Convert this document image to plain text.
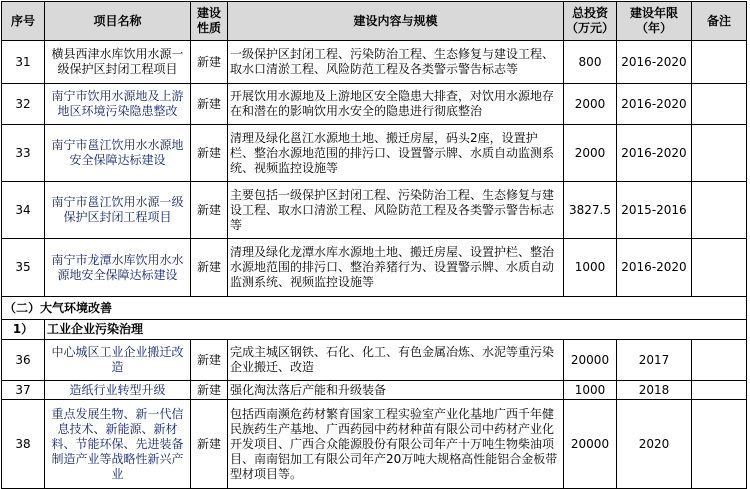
序号	项目名称	建设性质	建设内容与规模	总投资（万元）	建设年限（年）	备注
31	横县西津水库饮用水源一级保护区封闭工程项目	新建	一级保护区封闭工程、污染防治工程、生态修复与建设工程、取水口清淤工程、风险防范工程及各类警示警告标志等	800	2016-2020	
32	南宁市饮用水源地及上游地区环境污染隐患整改	新建	开展饮用水源地及上游地区安全隐患大排查，对饮用水源地存在和潜在的影响饮用水安全的隐患进行彻底整治	2000	2016-2020	
33	南宁市邕江饮用水水源地安全保障达标建设	新建	清理及绿化邕江水源地土地、搬迁房屋，码头2座，设置护栏、整治水源地范围的排污口、设置警示牌、水质自动监测系统、视频监控设施等	2000	2016-2020	
34	南宁市邕江饮用水源一级保护区封闭工程项目	新建	主要包括一级保护区封闭工程、污染防治工程、生态修复与建设工程、取水口清淤工程、风险防范工程及各类警示警告标志等	3827.5	2015-2016	
35	南宁市龙潭水库饮用水水源地安全保障达标建设	新建	清理及绿化龙潭水库水源地土地、搬迁房屋、设置护栏、整治水源地范围的排污口、整治养猪行为、设置警示牌、水质自动监测系统、视频监控设施等	1000	2016-2020	
（二）大气环境改善						
1）	工业企业污染治理					
36	中心城区工业企业搬迁改造	新建	完成主城区钢铁、石化、化工、有色金属冶炼、水泥等重污染企业搬迁、改造	20000	2017	
37	造纸行业转型升级	新建	强化淘汰落后产能和升级装备	1000	2018	
38	重点发展生物、新一代信息技术、新能源、新材料、节能环保、先进装备制造产业等战略性新兴产业	新建	包括西南濒危药材繁育国家工程实验室产业化基地广西千年健民族药生产基地、广西药园中药材种苗有限公司中药材产业化开发项目、广西合众能源股份有限公司年产十万吨生物柴油项目、南南铝加工有限公司年产20万吨大规格高性能铝合金板带型材项目等。	20000	2020	
